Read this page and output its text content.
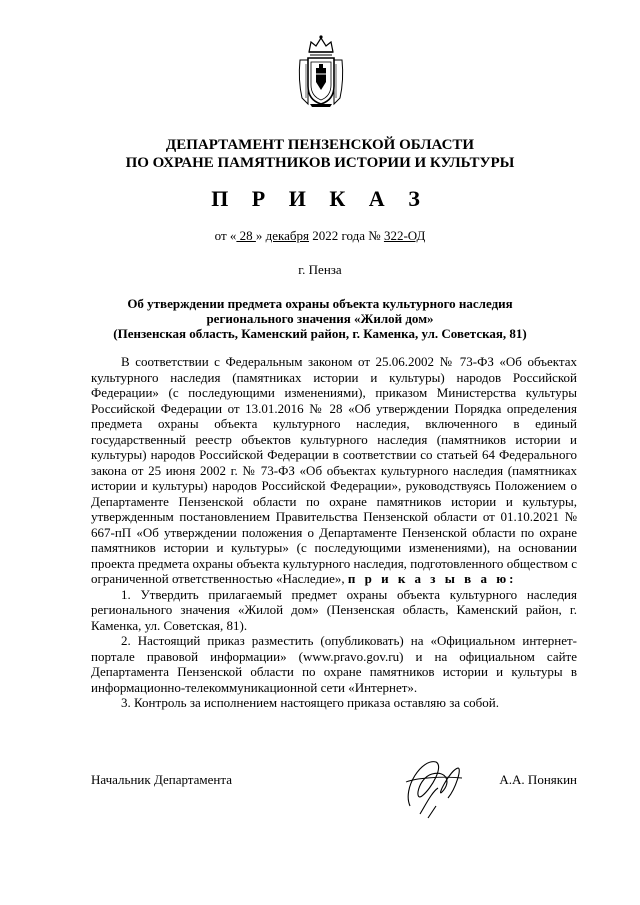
ДЕПАРТАМЕНТ ПЕНЗЕНСКОЙ ОБЛАСТИ
ПО ОХРАНЕ ПАМЯТНИКОВ ИСТОРИИ И КУЛЬТУРЫ
П Р И К А З
от « 28 » декабря 2022 года № 322-ОД
г. Пенза
Об утверждении предмета охраны объекта культурного наследия
регионального значения «Жилой дом»
(Пензенская область, Каменский район, г. Каменка, ул. Советская, 81)

В соответствии с Федеральным законом от 25.06.2002 № 73-ФЗ «Об объектах культурного наследия (памятниках истории и культуры) народов Российской Федерации» (с последующими изменениями), приказом Министерства культуры Российской Федерации от 13.01.2016 № 28 «Об утверждении Порядка определения предмета охраны объекта культурного наследия, включенного в единый государственный реестр объектов культурного наследия (памятников истории и культуры) народов Российской Федерации в соответствии со статьей 64 Федерального закона от 25 июня 2002 г. № 73-ФЗ «Об объектах культурного наследия (памятниках истории и культуры) народов Российской Федерации», руководствуясь Положением о Департаменте Пензенской области по охране памятников истории и культуры, утвержденным постановлением Правительства Пензенской области от 01.10.2021 № 667-пП «Об утверждении положения о Департаменте Пензенской области по охране памятников истории и культуры» (с последующими изменениями), на основании проекта предмета охраны объекта культурного наследия, подготовленного обществом с ограниченной ответственностью «Наследие», п р и к а з ы в а ю:

1. Утвердить прилагаемый предмет охраны объекта культурного наследия регионального значения «Жилой дом» (Пензенская область, Каменский район, г. Каменка, ул. Советская, 81).

2. Настоящий приказ разместить (опубликовать) на «Официальном интернет-портале правовой информации» (www.pravo.gov.ru) и на официальном сайте Департамента Пензенской области по охране памятников истории и культуры в информационно-телекоммуникационной сети «Интернет».

3. Контроль за исполнением настоящего приказа оставляю за собой.

Начальник Департамента	А.А. Понякин
